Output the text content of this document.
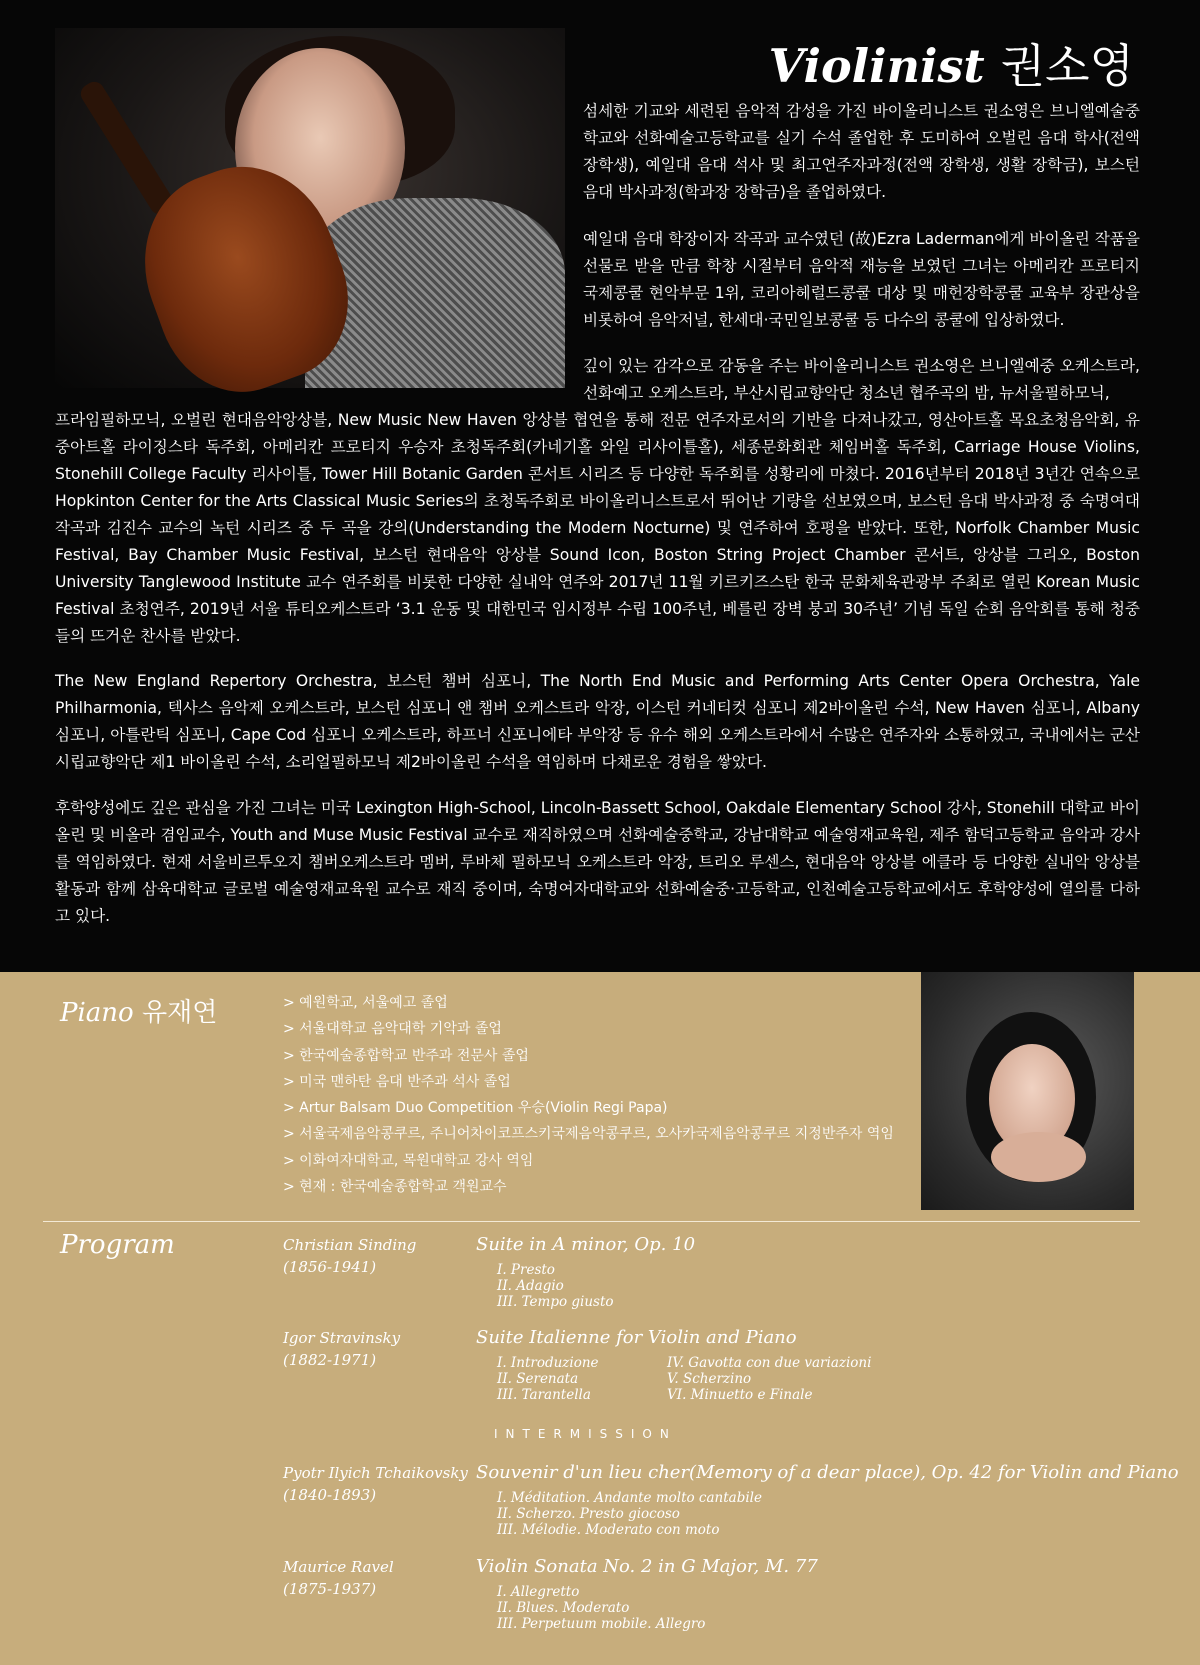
Violinist 권소영

섬세한 기교와 세련된 음악적 감성을 가진 바이올리니스트 권소영은 브니엘예술중학교와 선화예술고등학교를 실기 수석 졸업한 후 도미하여 오벌린 음대 학사(전액 장학생), 예일대 음대 석사 및 최고연주자과정(전액 장학생, 생활 장학금), 보스턴 음대 박사과정(학과장 장학금)을 졸업하였다.

예일대 음대 학장이자 작곡과 교수였던 (故)Ezra Laderman에게 바이올린 작품을 선물로 받을 만큼 학창 시절부터 음악적 재능을 보였던 그녀는 아메리칸 프로티지 국제콩쿨 현악부문 1위, 코리아헤럴드콩쿨 대상 및 매헌장학콩쿨 교육부 장관상을 비롯하여 음악저널, 한세대·국민일보콩쿨 등 다수의 콩쿨에 입상하였다.

깊이 있는 감각으로 감동을 주는 바이올리니스트 권소영은 브니엘예중 오케스트라, 선화예고 오케스트라, 부산시립교향악단 청소년 협주곡의 밤, 뉴서울필하모닉,

프라임필하모닉, 오벌린 현대음악앙상블, New Music New Haven 앙상블 협연을 통해 전문 연주자로서의 기반을 다져나갔고, 영산아트홀 목요초청음악회, 유중아트홀 라이징스타 독주회, 아메리칸 프로티지 우승자 초청독주회(카네기홀 와일 리사이틀홀), 세종문화회관 체임버홀 독주회, Carriage House Violins, Stonehill College Faculty 리사이틀, Tower Hill Botanic Garden 콘서트 시리즈 등 다양한 독주회를 성황리에 마쳤다. 2016년부터 2018년 3년간 연속으로 Hopkinton Center for the Arts Classical Music Series의 초청독주회로 바이올리니스트로서 뛰어난 기량을 선보였으며, 보스턴 음대 박사과정 중 숙명여대 작곡과 김진수 교수의 녹턴 시리즈 중 두 곡을 강의(Understanding the Modern Nocturne) 및 연주하여 호평을 받았다. 또한, Norfolk Chamber Music Festival, Bay Chamber Music Festival, 보스턴 현대음악 앙상블 Sound Icon, Boston String Project Chamber 콘서트, 앙상블 그리오, Boston University Tanglewood Institute 교수 연주회를 비롯한 다양한 실내악 연주와 2017년 11월 키르키즈스탄 한국 문화체육관광부 주최로 열린 Korean Music Festival 초청연주, 2019년 서울 튜티오케스트라 ‘3.1 운동 및 대한민국 임시정부 수립 100주년, 베를린 장벽 붕괴 30주년’ 기념 독일 순회 음악회를 통해 청중들의 뜨거운 찬사를 받았다.

The New England Repertory Orchestra, 보스턴 챔버 심포니, The North End Music and Performing Arts Center Opera Orchestra, Yale Philharmonia, 텍사스 음악제 오케스트라, 보스턴 심포니 앤 챔버 오케스트라 악장, 이스턴 커네티컷 심포니 제2바이올린 수석, New Haven 심포니, Albany 심포니, 아틀란틱 심포니, Cape Cod 심포니 오케스트라, 하프너 신포니에타 부악장 등 유수 해외 오케스트라에서 수많은 연주자와 소통하였고, 국내에서는 군산시립교향악단 제1 바이올린 수석, 소리얼필하모닉 제2바이올린 수석을 역임하며 다채로운 경험을 쌓았다.

후학양성에도 깊은 관심을 가진 그녀는 미국 Lexington High-School, Lincoln-Bassett School, Oakdale Elementary School 강사, Stonehill 대학교 바이올린 및 비올라 겸임교수, Youth and Muse Music Festival 교수로 재직하였으며 선화예술중학교, 강남대학교 예술영재교육원, 제주 함덕고등학교 음악과 강사를 역임하였다. 현재 서울비르투오지 챔버오케스트라 멤버, 루바체 필하모닉 오케스트라 악장, 트리오 루센스, 현대음악 앙상블 에클라 등 다양한 실내악 앙상블 활동과 함께 삼육대학교 글로벌 예술영재교육원 교수로 재직 중이며, 숙명여자대학교와 선화예술중·고등학교, 인천예술고등학교에서도 후학양성에 열의를 다하고 있다.

Piano 유재연	> 예원학교, 서울예고 졸업
> 서울대학교 음악대학 기악과 졸업
> 한국예술종합학교 반주과 전문사 졸업
> 미국 맨하탄 음대 반주과 석사 졸업
> Artur Balsam Duo Competition 우승(Violin Regi Papa)
> 서울국제음악콩쿠르, 주니어차이코프스키국제음악콩쿠르, 오사카국제음악콩쿠르 지정반주자 역임
> 이화여자대학교, 목원대학교 강사 역임
> 현재 : 한국예술종합학교 객원교수
Program	Christian Sinding
(1856-1941)
Suite in A minor, Op. 10
I. Presto
II. Adagio
III. Tempo giusto
Igor Stravinsky
(1882-1971)
Suite Italienne for Violin and Piano
I. Introduzione
II. Serenata
III. Tarantella
IV. Gavotta con due variazioni
V. Scherzino
VI. Minuetto e Finale
INTERMISSION
Pyotr Ilyich Tchaikovsky
(1840-1893)
Souvenir d'un lieu cher(Memory of a dear place), Op. 42 for Violin and Piano
I. Méditation. Andante molto cantabile
II. Scherzo. Presto giocoso
III. Mélodie. Moderato con moto
Maurice Ravel
(1875-1937)
Violin Sonata No. 2 in G Major, M. 77
I. Allegretto
II. Blues. Moderato
III. Perpetuum mobile. Allegro
